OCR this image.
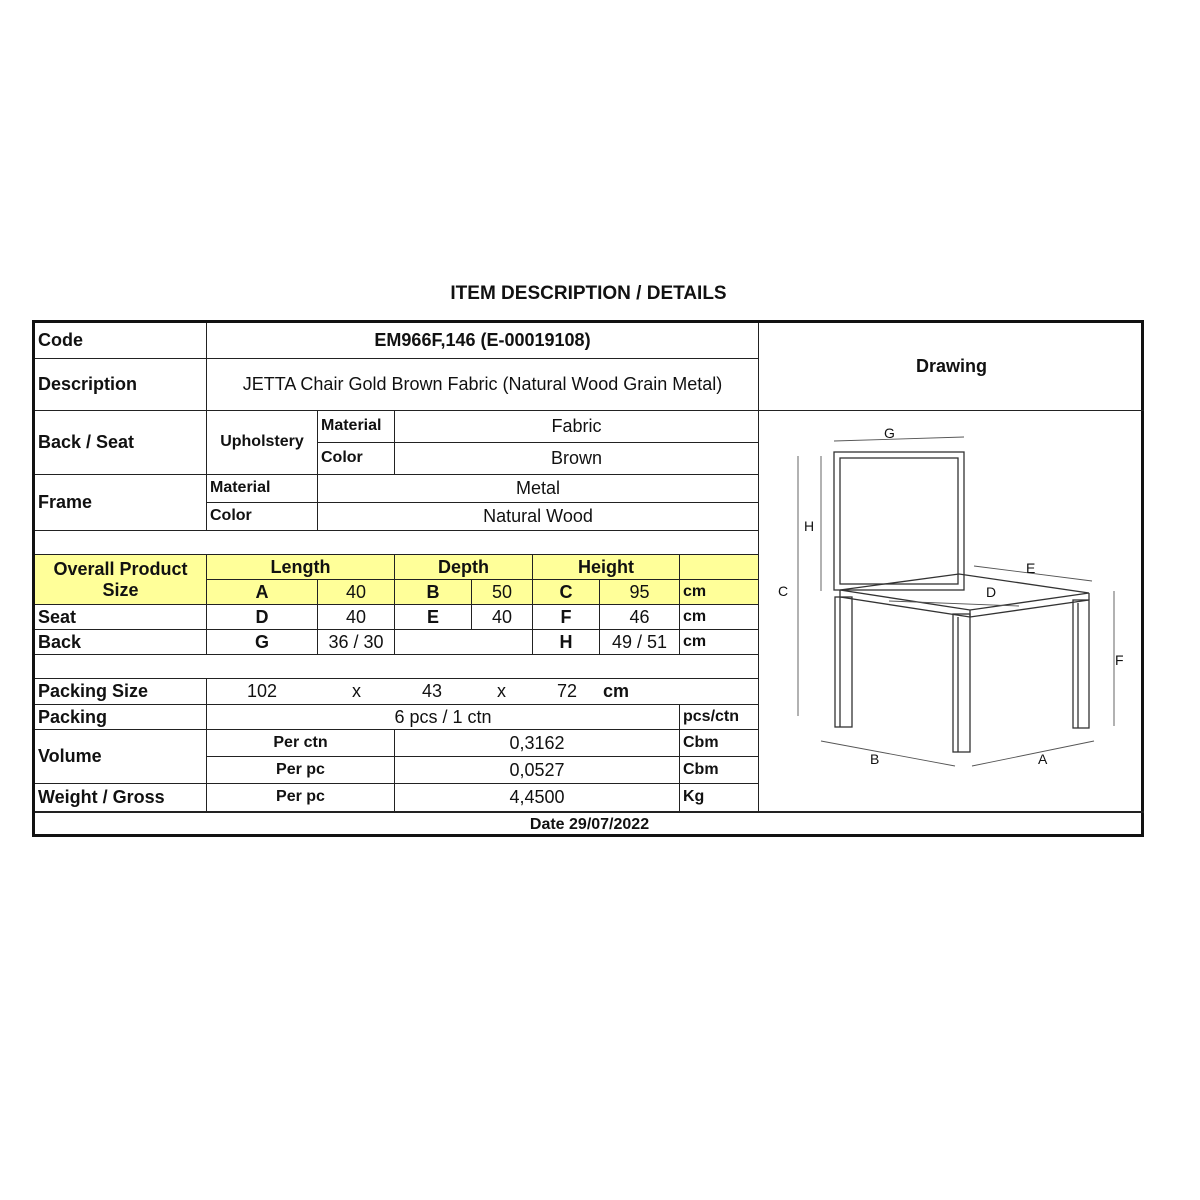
ITEM DESCRIPTION / DETAILS
Code	EM966F,146 (E-00019108)
Description	JETTA Chair Gold Brown Fabric (Natural Wood Grain Metal)
Drawing
Back / Seat	Upholstery
Material	Fabric
Color	Brown
Frame
Material	Metal
Color	Natural Wood
Overall Product
Size
Length	Depth	Height
A	40	B	50	C	95	cm
Seat	D	40	E	40	F	46	cm
Back	G	36 / 30	H	49 / 51 cm
Packing Size	102	x	43	x	72 cm
Packing	6 pcs / 1 ctn	pcs/ctn
Volume
Per ctn	0,3162	Cbm
Per pc	0,0527	Cbm
Weight / Gross	Per pc	4,4500	Kg
G
H
C
E
D
F
B	A
Date 29/07/2022
